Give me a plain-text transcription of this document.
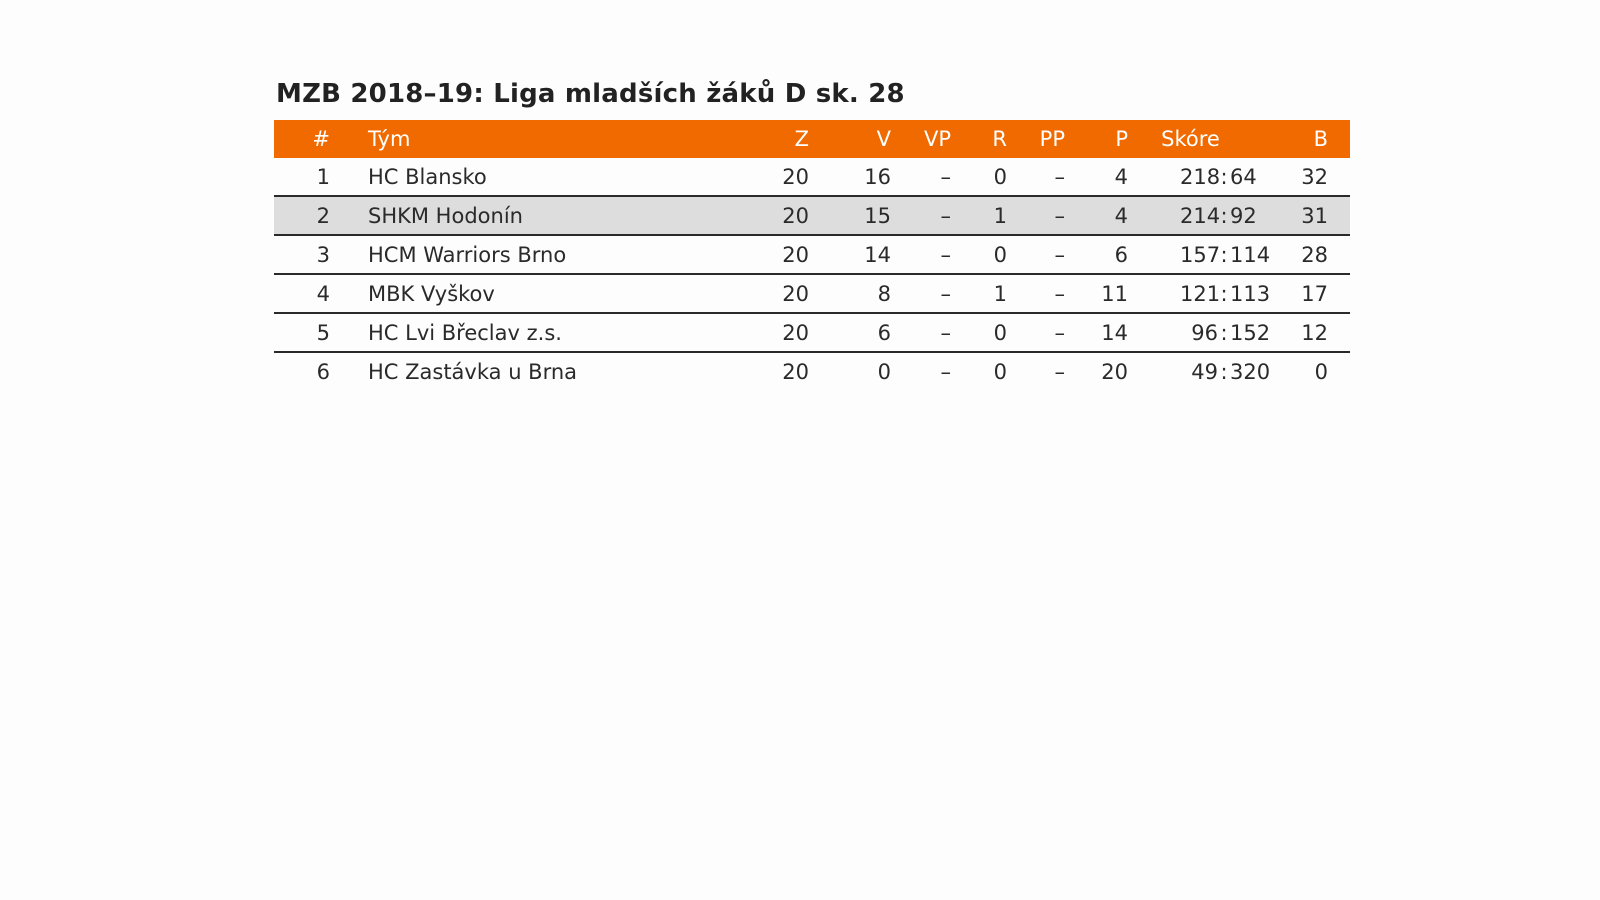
MZB 2018–19: Liga mladších žáků D sk. 28
#	Tým	Z	V	VP	R	PP	P	Skóre	B
1	HC Blansko	20	16	–	0	–	4	218: 64	32
2	SHKM Hodonín	20	15	–	1	–	4	214: 92	31
3	HCM Warriors Brno	20	14	–	0	–	6	157: 114	28
4	MBK Vyškov	20	8	–	1	–	11	121: 113	17
5	HC Lvi Břeclav z.s.	20	6	–	0	–	14	96 : 152	12
6	HC Zastávka u Brna	20	0	–	0	–	20	49 : 320	0
